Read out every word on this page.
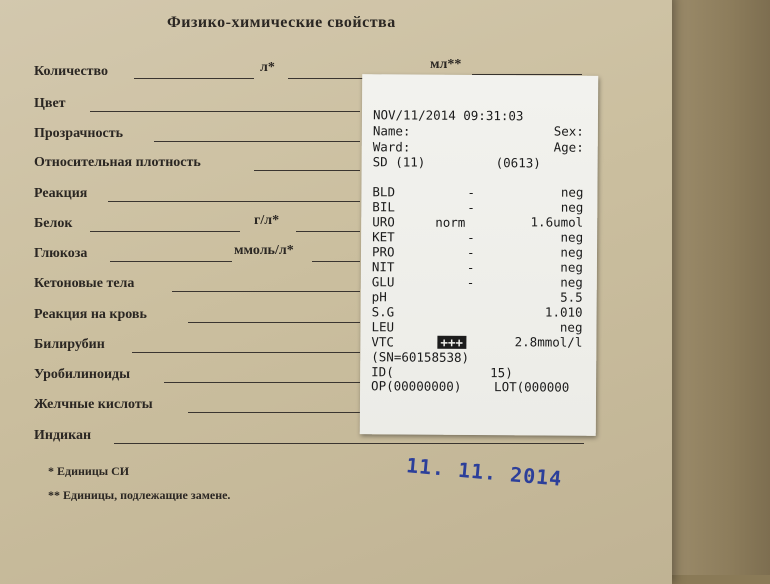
Физико-химические свойства
Количество	л*	мл**
Цвет
Прозрачность
Относительная плотность
Реакция
Белок	г/л*
Глюкоза	ммоль/л*
Кетоновые тела
Реакция на кровь
Билирубин
Уробилиноиды
Желчные кислоты
Индикан
* Единицы СИ
** Единицы, подлежащие замене.
11. 11. 2014
NOV/11/2014 09:31:03
Name:	Sex:
Ward:	Age:
SD (11)	(0613)
BLD	-	neg
BIL	-	neg
URO	norm	1.6umol
KET	-	neg
PRO	-	neg
NIT	-	neg
GLU	-	neg
pH	5.5
S.G	1.010
LEU	neg
VTC	+++	2.8mmol/l
(SN=60158538)
ID(	15)
OP(00000000)	LOT(000000
